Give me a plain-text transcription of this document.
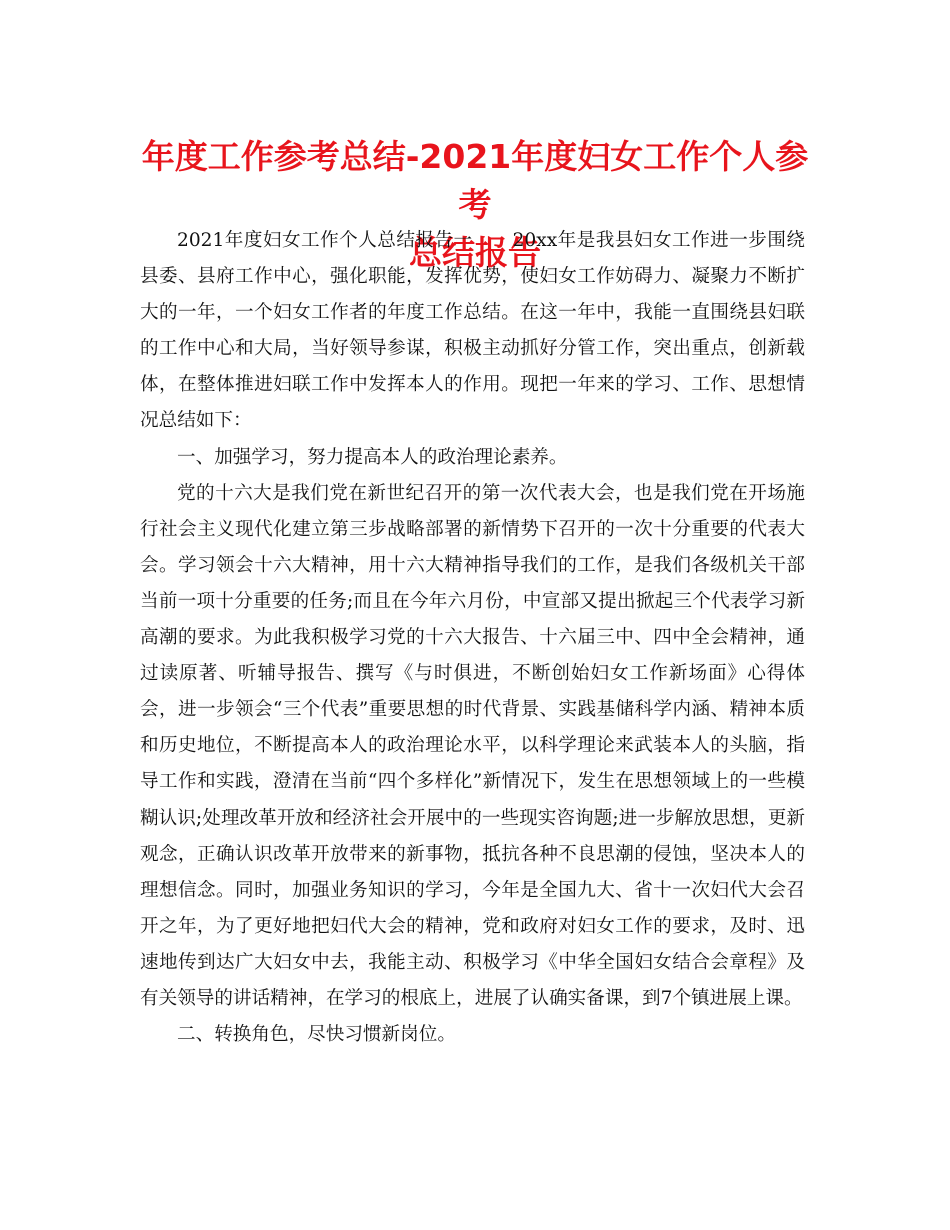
年度工作参考总结-2021年度妇女工作个人参考
总结报告

2021年度妇女工作个人总结报告一 20xx年是我县妇女工作进一步围绕县委、县府工作中心，强化职能，发挥优势，使妇女工作妨碍力、凝聚力不断扩大的一年，一个妇女工作者的年度工作总结。在这一年中，我能一直围绕县妇联的工作中心和大局，当好领导参谋，积极主动抓好分管工作，突出重点，创新载体，在整体推进妇联工作中发挥本人的作用。现把一年来的学习、工作、思想情况总结如下：

一、加强学习，努力提高本人的政治理论素养。

党的十六大是我们党在新世纪召开的第一次代表大会，也是我们党在开场施行社会主义现代化建立第三步战略部署的新情势下召开的一次十分重要的代表大会。学习领会十六大精神，用十六大精神指导我们的工作，是我们各级机关干部当前一项十分重要的任务;而且在今年六月份，中宣部又提出掀起三个代表学习新高潮的要求。为此我积极学习党的十六大报告、十六届三中、四中全会精神，通过读原著、听辅导报告、撰写《与时俱进，不断创始妇女工作新场面》心得体会，进一步领会“三个代表”重要思想的时代背景、实践基储科学内涵、精神本质和历史地位，不断提高本人的政治理论水平，以科学理论来武装本人的头脑，指导工作和实践，澄清在当前“四个多样化”新情况下，发生在思想领域上的一些模糊认识;处理改革开放和经济社会开展中的一些现实咨询题;进一步解放思想，更新观念，正确认识改革开放带来的新事物，抵抗各种不良思潮的侵蚀，坚决本人的理想信念。同时，加强业务知识的学习，今年是全国九大、省十一次妇代大会召开之年，为了更好地把妇代大会的精神，党和政府对妇女工作的要求，及时、迅速地传到达广大妇女中去，我能主动、积极学习《中华全国妇女结合会章程》及有关领导的讲话精神，在学习的根底上，进展了认确实备课，到7个镇进展上课。

二、转换角色，尽快习惯新岗位。
